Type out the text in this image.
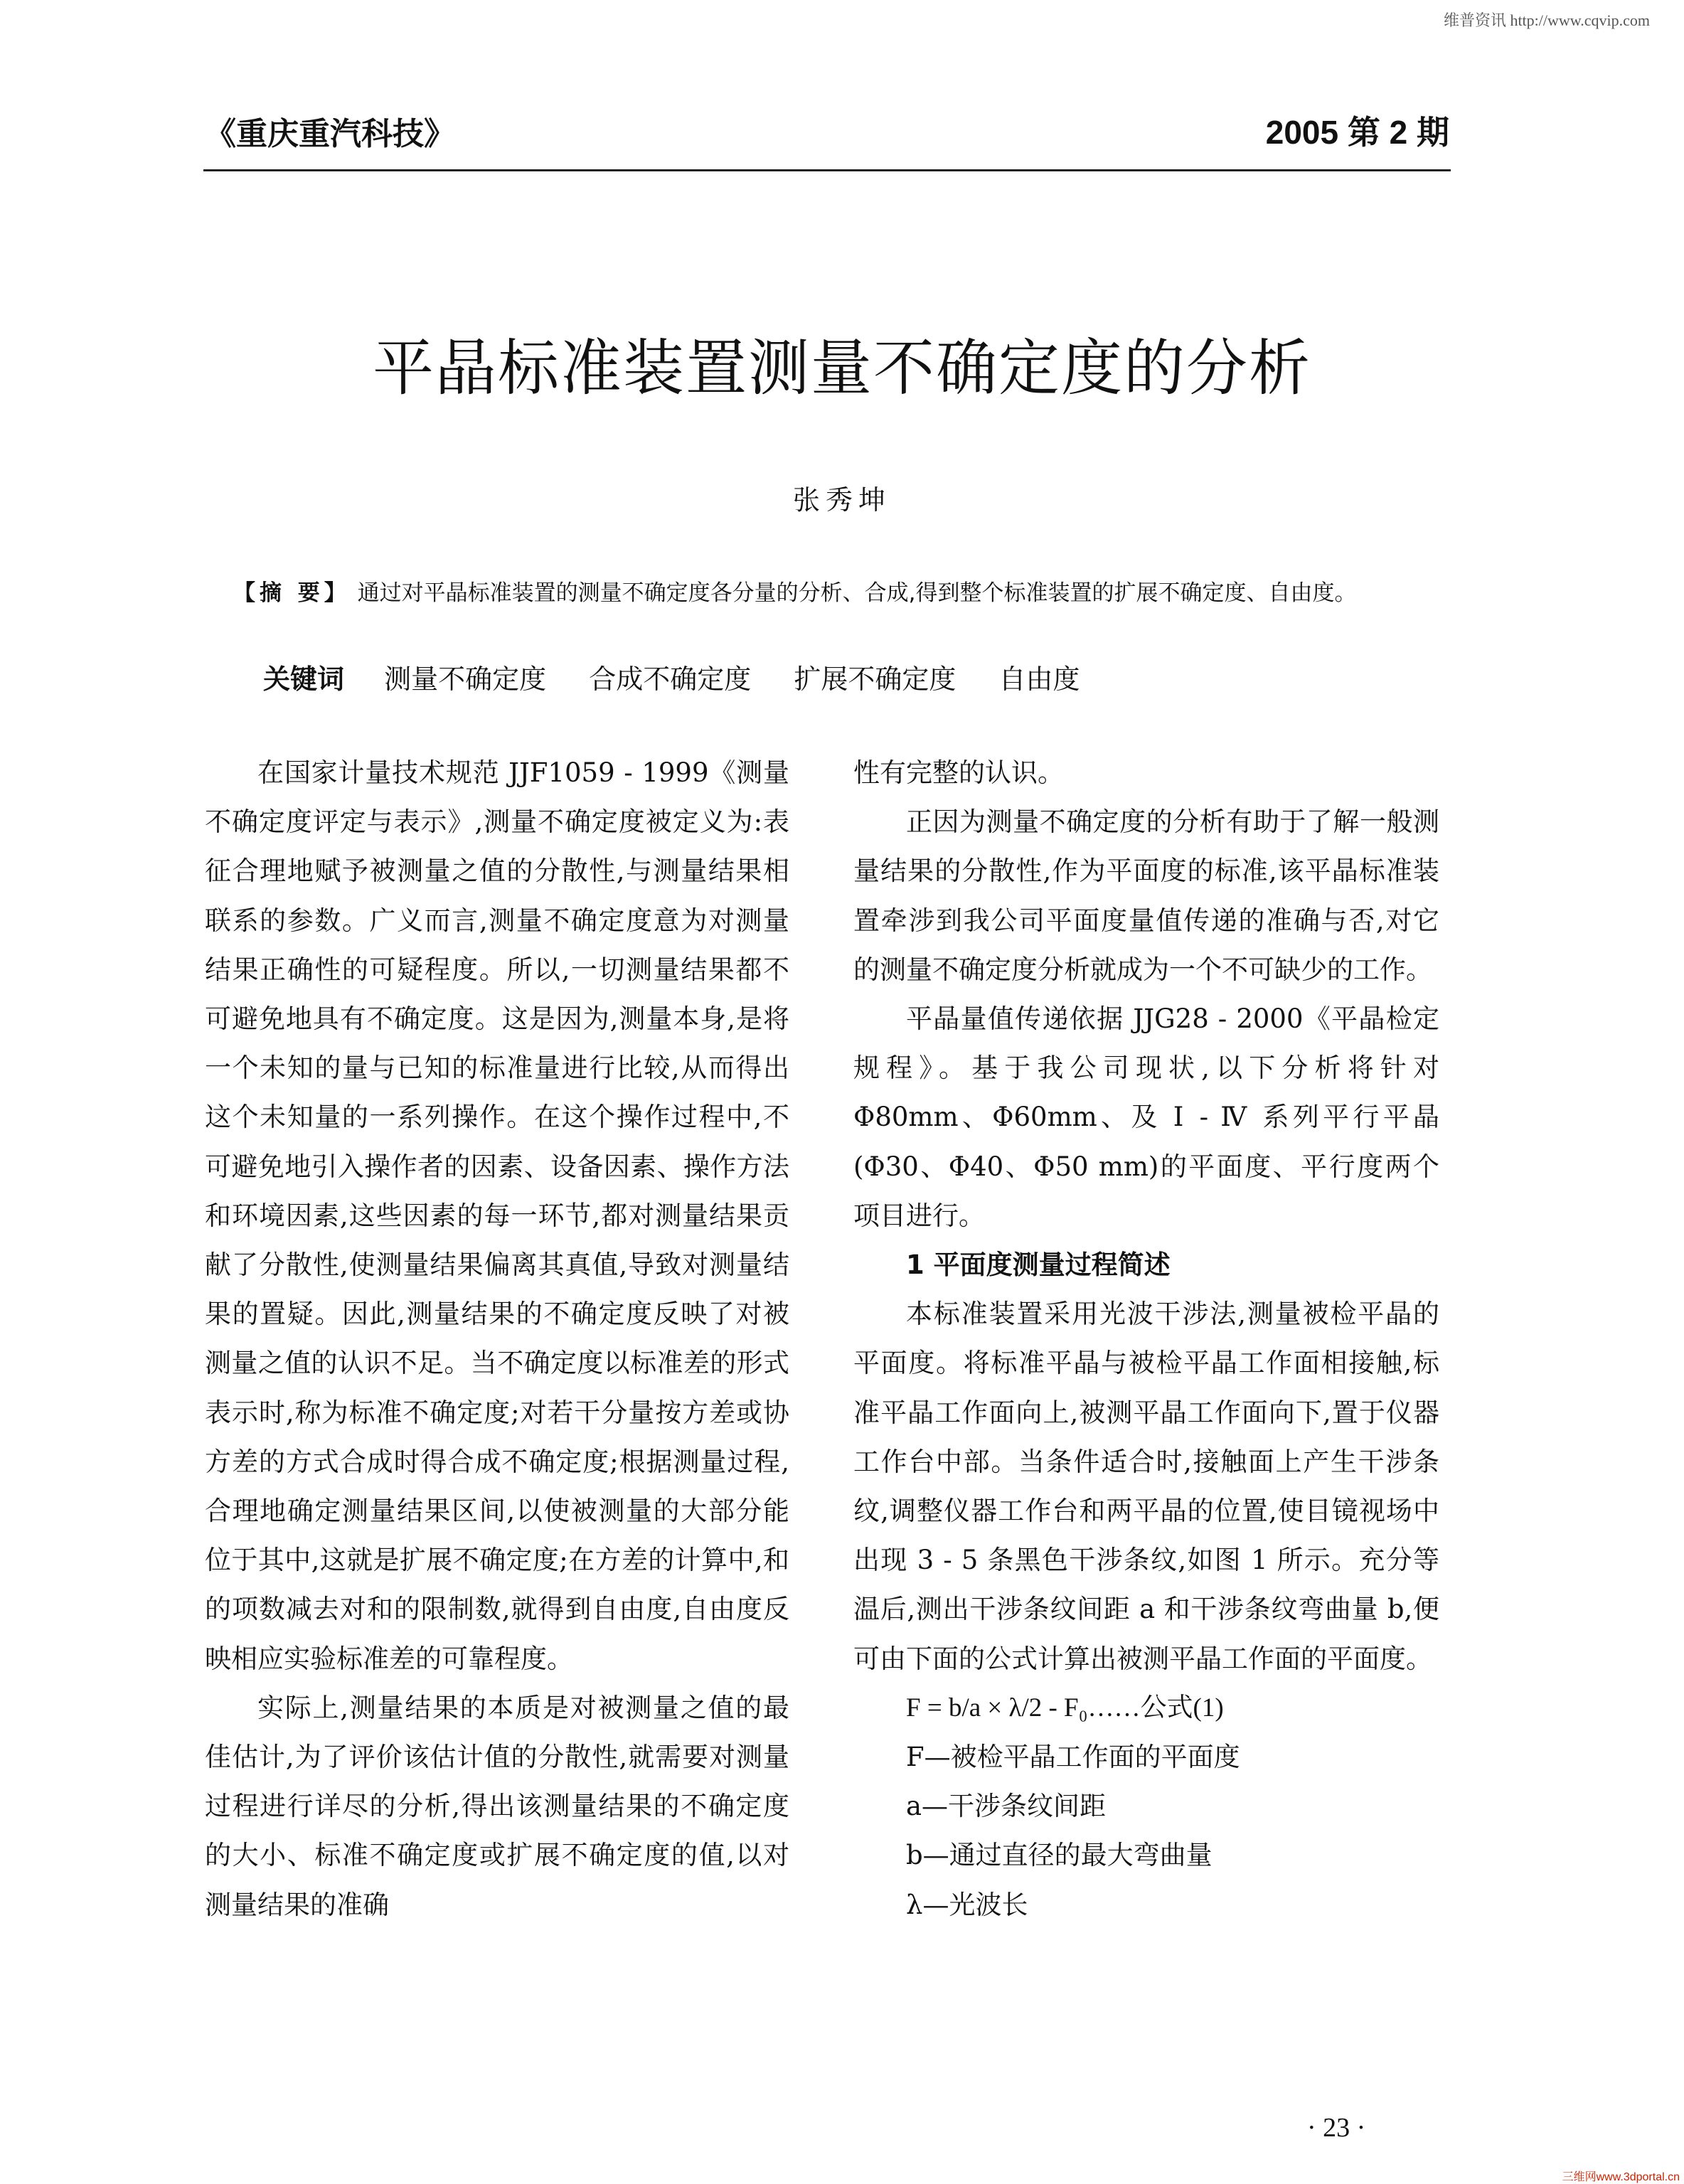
维普资讯 http://www.cqvip.com
《重庆重汽科技》	2005 第 2 期
平晶标准装置测量不确定度的分析
张秀坤
【摘 要】 通过对平晶标准装置的测量不确定度各分量的分析、合成,得到整个标准装置的扩展不确定度、自由度。
关键词 测量不确定度 合成不确定度 扩展不确定度 自由度

在国家计量技术规范 JJF1059 - 1999《测量不确定度评定与表示》,测量不确定度被定义为:表征合理地赋予被测量之值的分散性,与测量结果相联系的参数。广义而言,测量不确定度意为对测量结果正确性的可疑程度。所以,一切测量结果都不可避免地具有不确定度。这是因为,测量本身,是将一个未知的量与已知的标准量进行比较,从而得出这个未知量的一系列操作。在这个操作过程中,不可避免地引入操作者的因素、设备因素、操作方法和环境因素,这些因素的每一环节,都对测量结果贡献了分散性,使测量结果偏离其真值,导致对测量结果的置疑。因此,测量结果的不确定度反映了对被测量之值的认识不足。当不确定度以标准差的形式表示时,称为标准不确定度;对若干分量按方差或协方差的方式合成时得合成不确定度;根据测量过程,合理地确定测量结果区间,以使被测量的大部分能位于其中,这就是扩展不确定度;在方差的计算中,和的项数减去对和的限制数,就得到自由度,自由度反映相应实验标准差的可靠程度。

实际上,测量结果的本质是对被测量之值的最佳估计,为了评价该估计值的分散性,就需要对测量过程进行详尽的分析,得出该测量结果的不确定度的大小、标准不确定度或扩展不确定度的值,以对测量结果的准确

性有完整的认识。

正因为测量不确定度的分析有助于了解一般测量结果的分散性,作为平面度的标准,该平晶标准装置牵涉到我公司平面度量值传递的准确与否,对它的测量不确定度分析就成为一个不可缺少的工作。

平晶量值传递依据 JJG28 - 2000《平晶检定规程》。基于我公司现状,以下分析将针对 Φ80mm、Φ60mm、及 Ⅰ - Ⅳ 系列平行平晶(Φ30、Φ40、Φ50 mm)的平面度、平行度两个项目进行。

1 平面度测量过程简述

本标准装置采用光波干涉法,测量被检平晶的平面度。将标准平晶与被检平晶工作面相接触,标准平晶工作面向上,被测平晶工作面向下,置于仪器工作台中部。当条件适合时,接触面上产生干涉条纹,调整仪器工作台和两平晶的位置,使目镜视场中出现 3 - 5 条黑色干涉条纹,如图 1 所示。充分等温后,测出干涉条纹间距 a 和干涉条纹弯曲量 b,便可由下面的公式计算出被测平晶工作面的平面度。

F = b/a × λ/2 - F₀……公式(1)

F—被检平晶工作面的平面度

a—干涉条纹间距

b—通过直径的最大弯曲量

λ—光波长

· 23 ·
三维网www.3dportal.cn
